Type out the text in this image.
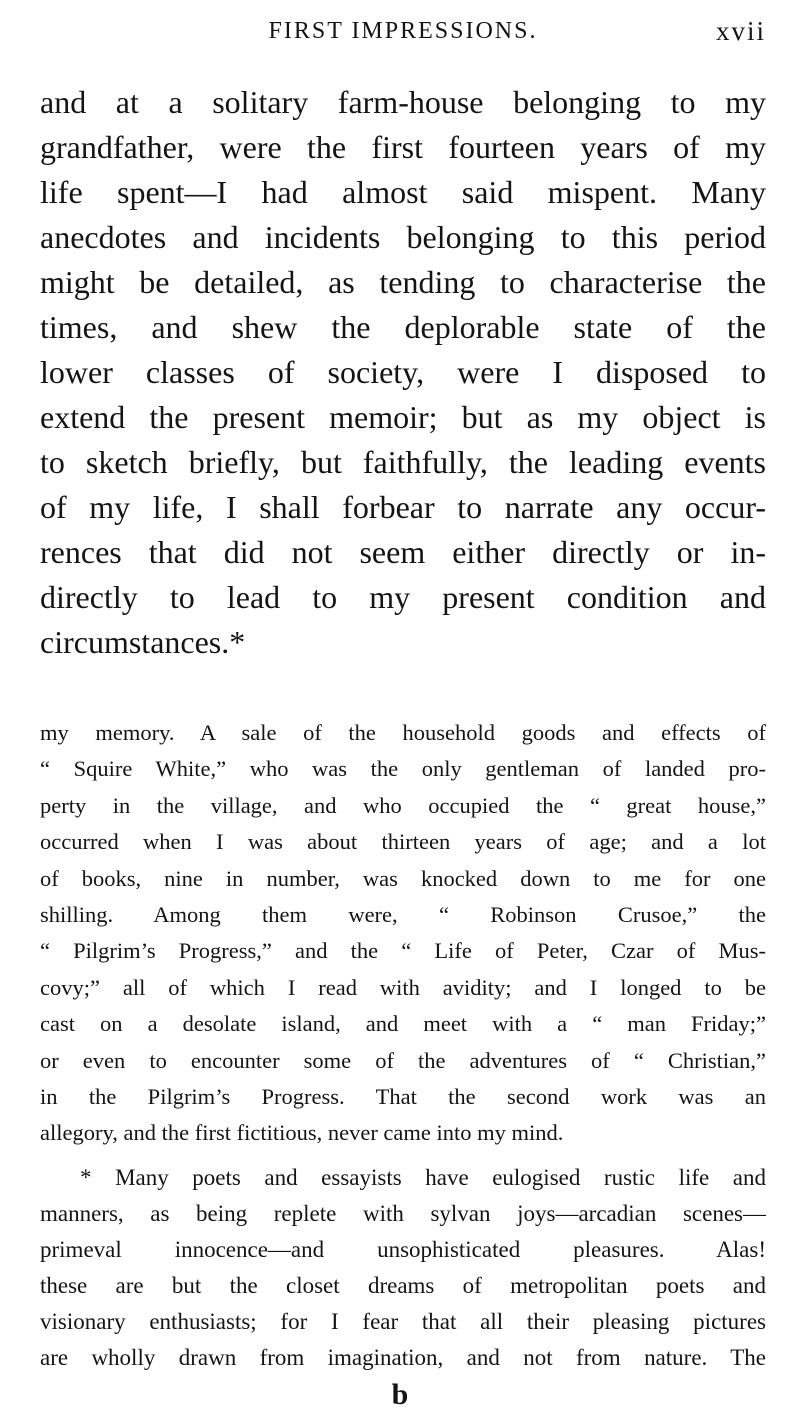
FIRST IMPRESSIONS.	xvii
and at a solitary farm-house belonging to my
grandfather, were the first fourteen years of my
life spent—I had almost said mispent. Many
anecdotes and incidents belonging to this period
might be detailed, as tending to characterise the
times, and shew the deplorable state of the
lower classes of society, were I disposed to
extend the present memoir; but as my object is
to sketch briefly, but faithfully, the leading events
of my life, I shall forbear to narrate any occur-
rences that did not seem either directly or in-
directly to lead to my present condition and
circumstances.*
my memory. A sale of the household goods and effects of
“ Squire White,” who was the only gentleman of landed pro-
perty in the village, and who occupied the “ great house,”
occurred when I was about thirteen years of age; and a lot
of books, nine in number, was knocked down to me for one
shilling. Among them were, “ Robinson Crusoe,” the
“ Pilgrim’s Progress,” and the “ Life of Peter, Czar of Mus-
covy;” all of which I read with avidity; and I longed to be
cast on a desolate island, and meet with a “ man Friday;”
or even to encounter some of the adventures of “ Christian,”
in the Pilgrim’s Progress. That the second work was an
allegory, and the first fictitious, never came into my mind.
* Many poets and essayists have eulogised rustic life and
manners, as being replete with sylvan joys—arcadian scenes—
primeval innocence—and unsophisticated pleasures. Alas!
these are but the closet dreams of metropolitan poets and
visionary enthusiasts; for I fear that all their pleasing pictures
are wholly drawn from imagination, and not from nature. The
b
